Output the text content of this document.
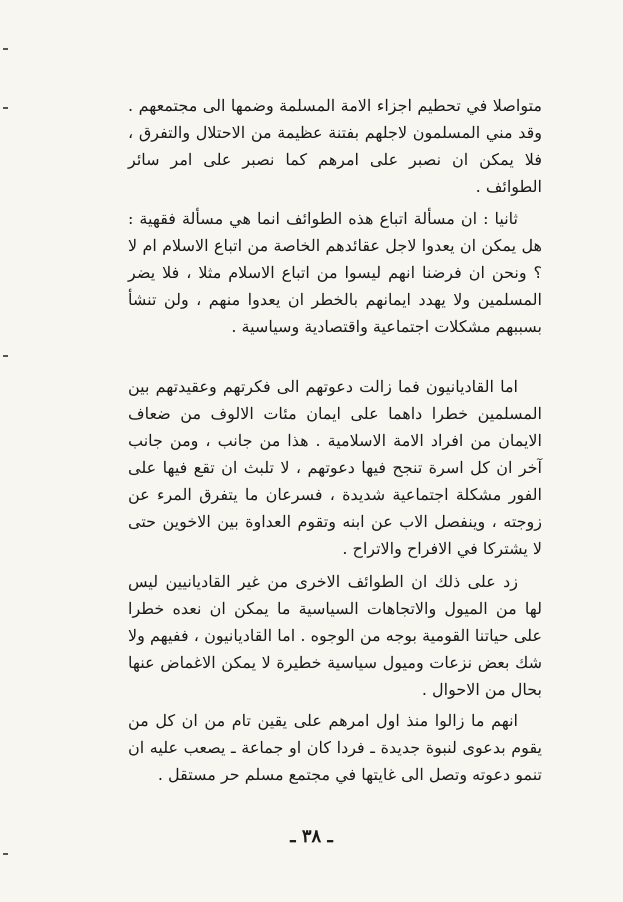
متواصلا في تحطيم اجزاء الامة المسلمة وضمها الى مجتمعهم . وقد مني المسلمون لاجلهم بفتنة عظيمة من الاحتلال والتفرق ، فلا يمكن ان نصبر على امرهم كما نصبر على امر سائر الطوائف .

ثانيا : ان مسألة اتباع هذه الطوائف انما هي مسألة فقهية : هل يمكن ان يعدوا لاجل عقائدهم الخاصة من اتباع الاسلام ام لا ؟ ونحن ان فرضنا انهم ليسوا من اتباع الاسلام مثلا ، فلا يضر المسلمين ولا يهدد ايمانهم بالخطر ان يعدوا منهم ، ولن تنشأ بسببهم مشكلات اجتماعية واقتصادية وسياسية .

اما القاديانيون فما زالت دعوتهم الى فكرتهم وعقيدتهم بين المسلمين خطرا داهما على ايمان مئات الالوف من ضعاف الايمان من افراد الامة الاسلامية . هذا من جانب ، ومن جانب آخر ان كل اسرة تنجح فيها دعوتهم ، لا تلبث ان تقع فيها على الفور مشكلة اجتماعية شديدة ، فسرعان ما يتفرق المرء عن زوجته ، وينفصل الاب عن ابنه وتقوم العداوة بين الاخوين حتى لا يشتركا في الافراح والاتراح .

زد على ذلك ان الطوائف الاخرى من غير القاديانيين ليس لها من الميول والاتجاهات السياسية ما يمكن ان نعده خطرا على حياتنا القومية بوجه من الوجوه . اما القاديانيون ، ففيهم ولا شك بعض نزعات وميول سياسية خطيرة لا يمكن الاغماض عنها بحال من الاحوال .

انهم ما زالوا منذ اول امرهم على يقين تام من ان كل من يقوم بدعوى لنبوة جديدة ـ فردا كان او جماعة ـ يصعب عليه ان تنمو دعوته وتصل الى غايتها في مجتمع مسلم حر مستقل .

ـ ٣٨ ـ
